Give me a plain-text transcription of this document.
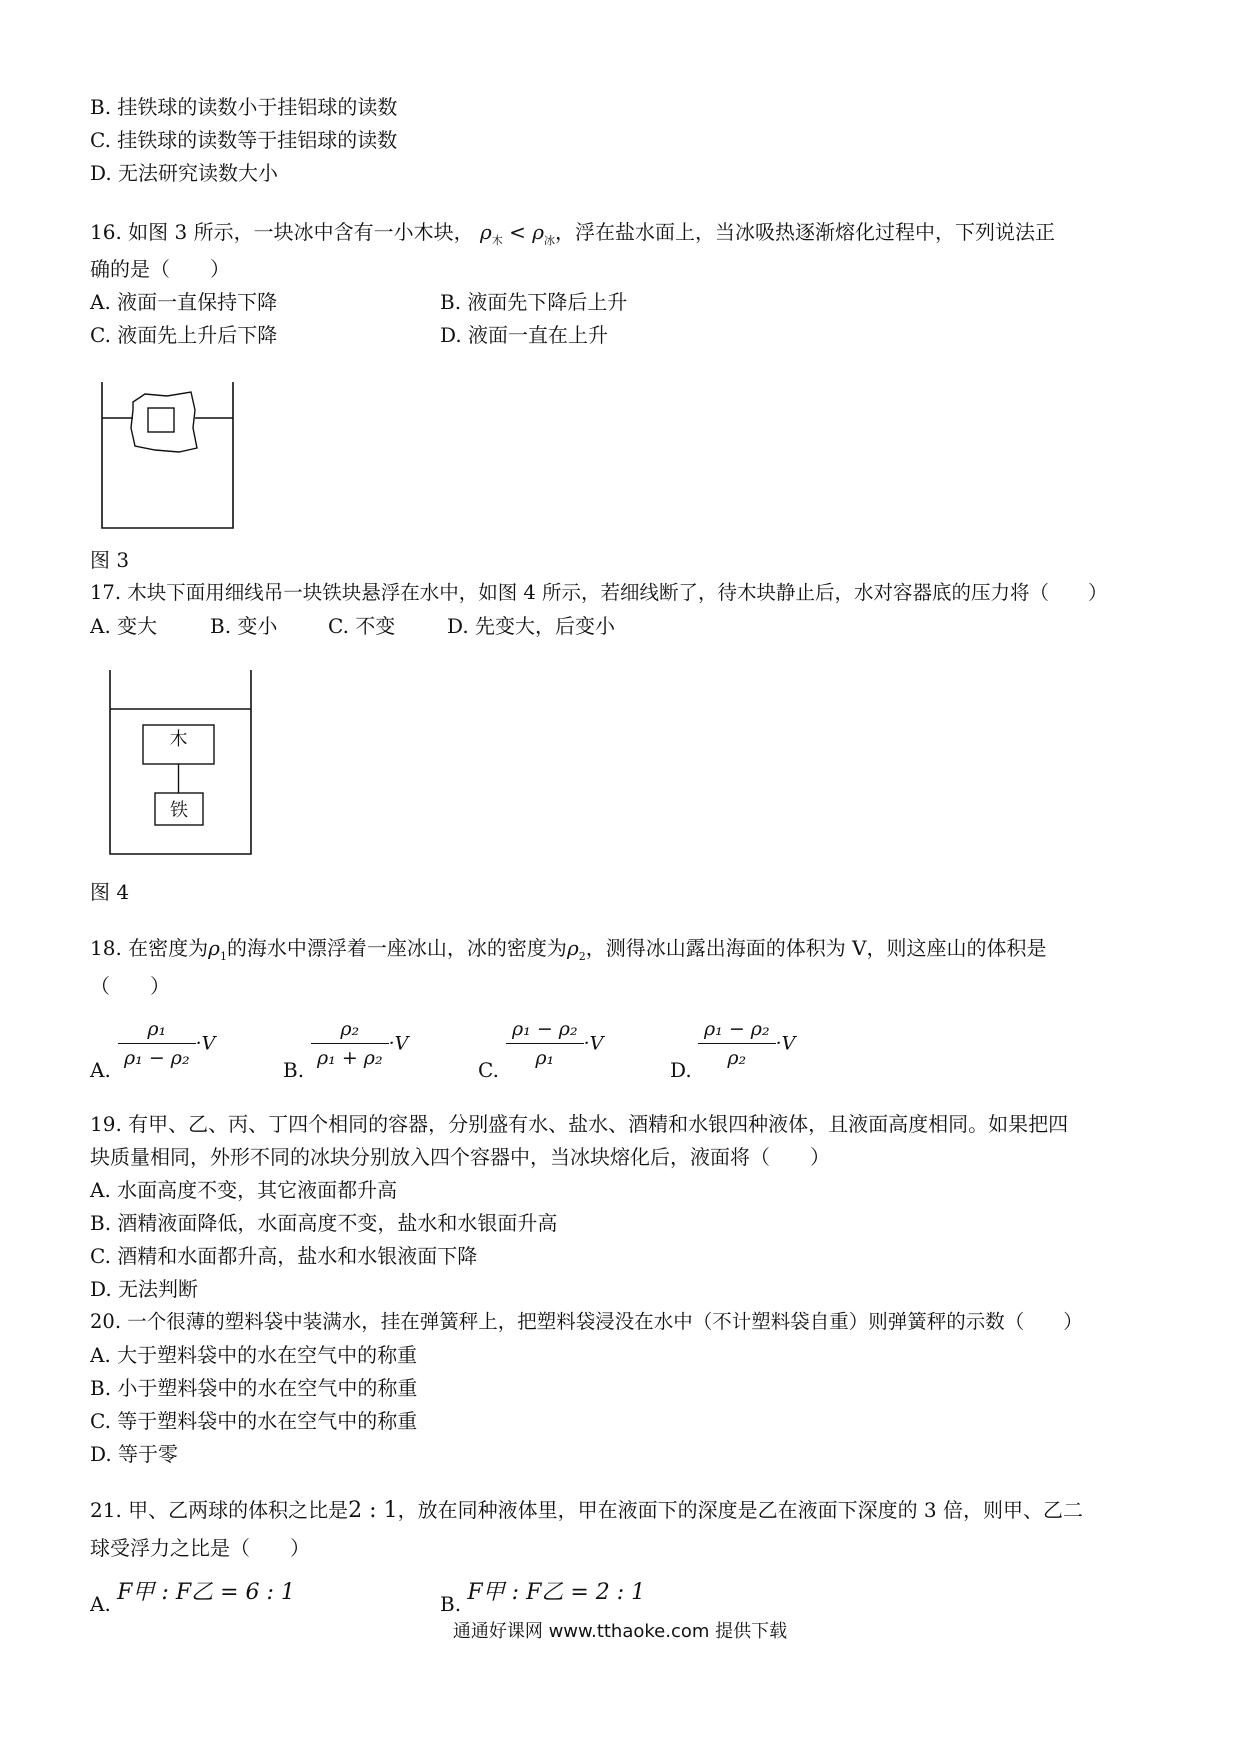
B. 挂铁球的读数小于挂铝球的读数
C. 挂铁球的读数等于挂铝球的读数
D. 无法研究读数大小
16. 如图 3 所示，一块冰中含有一小木块， $\rho_木 < \rho_冰$，浮在盐水面上，当冰吸热逐渐熔化过程中，下列说法正
确的是（　　）
A. 液面一直保持下降	B. 液面先下降后上升
C. 液面先上升后下降	D. 液面一直在上升
图 3
17. 木块下面用细线吊一块铁块悬浮在水中，如图 4 所示，若细线断了，待木块静止后，水对容器底的压力将（　　）
A. 变大	B. 变小	C. 不变	D. 先变大，后变小
木
铁
图 4
18. 在密度为$\rho_1$的海水中漂浮着一座冰山，冰的密度为$\rho_2$，测得冰山露出海面的体积为 V，则这座山的体积是
（　　）
A.
$\frac{\text{ρ₁}}{\text{ρ₁ − ρ₂}} \cdot V$
B.
$\frac{\text{ρ₂}}{\text{ρ₁ + ρ₂}} \cdot V$
C.
$\frac{\text{ρ₁ − ρ₂}}{\text{ρ₁}} \cdot V$
D.
$\frac{\text{ρ₁ − ρ₂}}{\text{ρ₂}} \cdot V$
19. 有甲、乙、丙、丁四个相同的容器，分别盛有水、盐水、酒精和水银四种液体，且液面高度相同。如果把四
块质量相同，外形不同的冰块分别放入四个容器中，当冰块熔化后，液面将（　　）
A. 水面高度不变，其它液面都升高
B. 酒精液面降低，水面高度不变，盐水和水银面升高
C. 酒精和水面都升高，盐水和水银液面下降
D. 无法判断
20. 一个很薄的塑料袋中装满水，挂在弹簧秤上，把塑料袋浸没在水中（不计塑料袋自重）则弹簧秤的示数（　　）
A. 大于塑料袋中的水在空气中的称重
B. 小于塑料袋中的水在空气中的称重
C. 等于塑料袋中的水在空气中的称重
D. 等于零
21. 甲、乙两球的体积之比是2 : 1，放在同种液体里，甲在液面下的深度是乙在液面下深度的 3 倍，则甲、乙二
球受浮力之比是（　　）
A. F甲 : F乙 = 6 : 1	B. F甲 : F乙 = 2 : 1
通通好课网 www.tthaoke.com 提供下载
